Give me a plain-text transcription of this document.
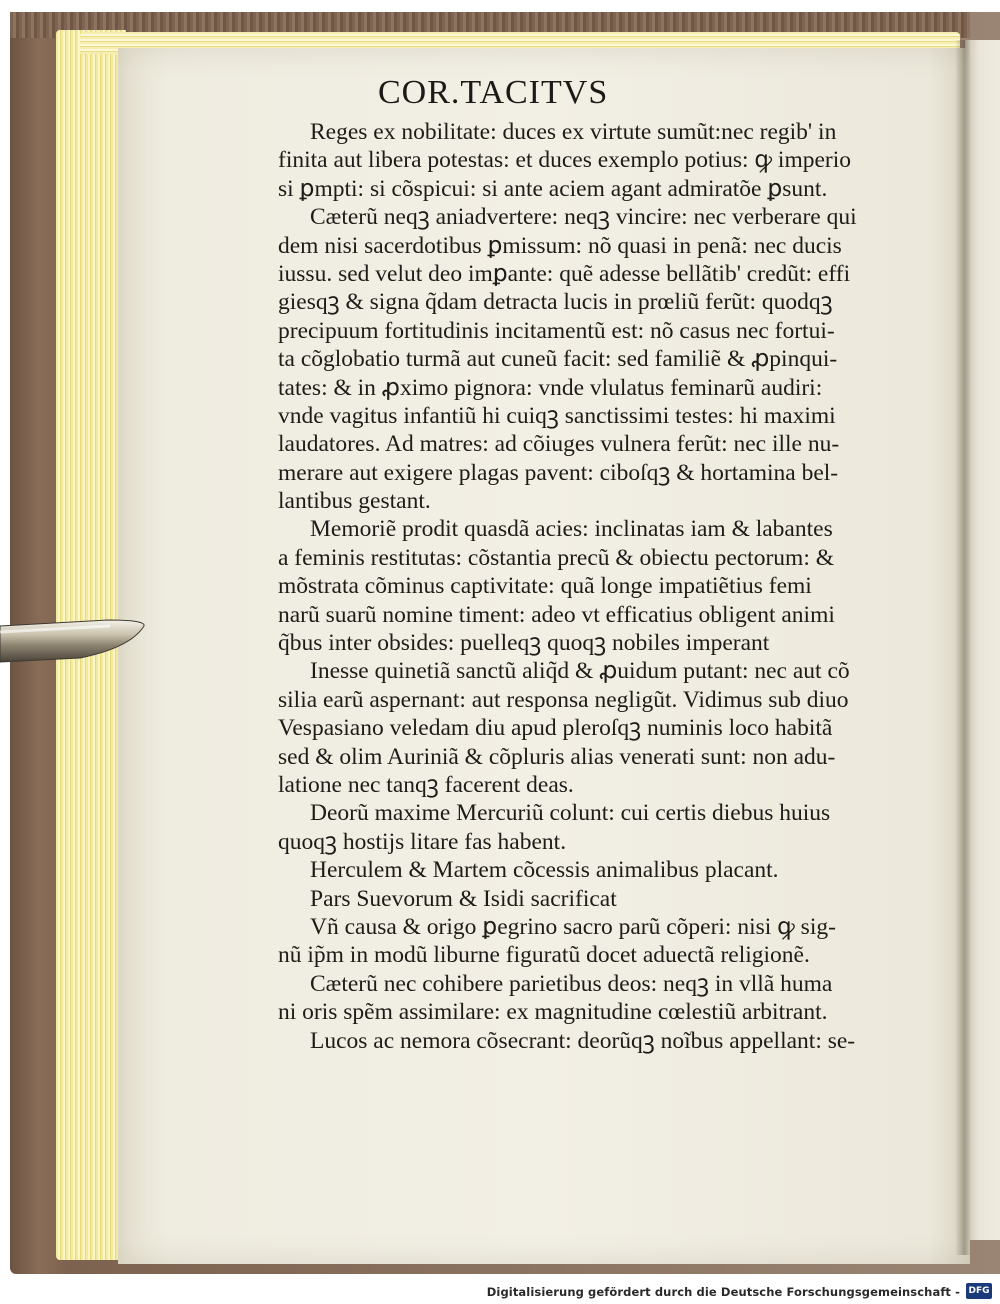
COR.TACITVS
Reges ex nobilitate: duces ex virtute sumũt:nec regib' in
finita aut libera potestas: et duces exemplo potius: ꝙ imperio
si ꝑmpti: si cõspicui: si ante aciem agant admiratõe ꝑsunt.
Cæterũ neqꝫ aniadvertere: neqꝫ vincire: nec verberare qui
dem nisi sacerdotibus ꝑmissum: nõ quasi in penã: nec ducis
iussu. sed velut deo imꝑante: quẽ adesse bellãtib' credũt: effi
giesqꝫ & signa q̃dam detracta lucis in prœliũ ferũt: quodqꝫ
precipuum fortitudinis incitamentũ est: nõ casus nec fortui-
ta cõglobatio turmã aut cuneũ facit: sed familiẽ & ꝓpinqui-
tates: & in ꝓximo pignora: vnde vlulatus feminarũ audiri:
vnde vagitus infantiũ hi cuiqꝫ sanctissimi testes: hi maximi
laudatores. Ad matres: ad cõiuges vulnera ferũt: nec ille nu-
merare aut exigere plagas pavent: ciboſqꝫ & hortamina bel-
lantibus gestant.
Memoriẽ prodit quasdã acies: inclinatas iam & labantes
a feminis restitutas: cõstantia precũ & obiectu pectorum: &
mõstrata cõminus captivitate: quã longe impatiẽtius femi
narũ suarũ nomine timent: adeo vt efficatius obligent animi
q̃bus inter obsides: puelleqꝫ quoqꝫ nobiles imperant
Inesse quinetiã sanctũ aliq̃d & ꝓuidum putant: nec aut cõ
silia earũ aspernant: aut responsa negligũt. Vidimus sub diuo
Vespasiano veledam diu apud pleroſqꝫ numinis loco habitã
sed & olim Auriniã & cõpluris alias venerati sunt: non adu-
latione nec tanqꝫ facerent deas.
Deorũ maxime Mercuriũ colunt: cui certis diebus huius
quoqꝫ hostijs litare fas habent.
Herculem & Martem cõcessis animalibus placant.
Pars Suevorum & Isidi sacrificat
Vñ causa & origo ꝑegrino sacro parũ cõperi: nisi ꝙ sig-
nũ ip̃m in modũ liburne figuratũ docet aduectã religionẽ.
Cæterũ nec cohibere parietibus deos: neqꝫ in vllã huma
ni oris spẽm assimilare: ex magnitudine cœlestiũ arbitrant.
Lucos ac nemora cõsecrant: deorũqꝫ noĩbus appellant: se-
Digitalisierung gefördert durch die Deutsche Forschungsgemeinschaft - DFG
